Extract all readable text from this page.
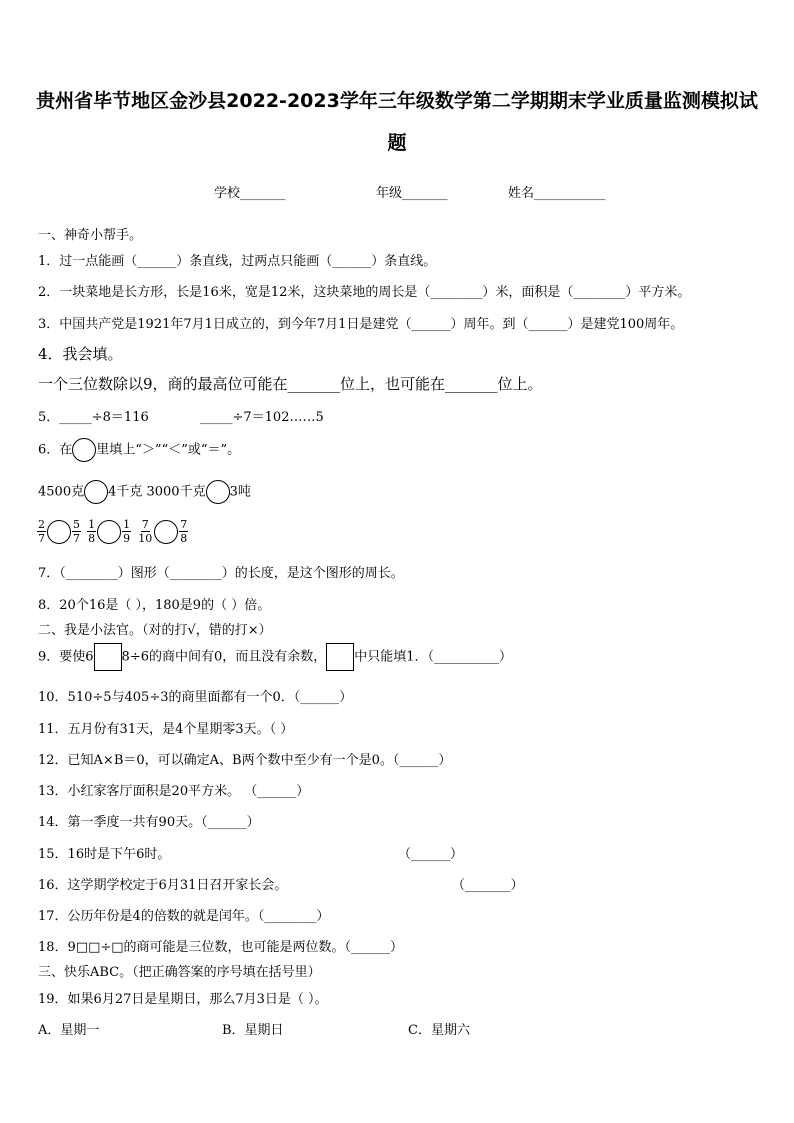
贵州省毕节地区金沙县2022-2023学年三年级数学第二学期期末学业质量监测模拟试
题
学校_______	年级_______	姓名___________
一、神奇小帮手。
1．过一点能画（______）条直线，过两点只能画（______）条直线。
2．一块菜地是长方形，长是16米，宽是12米，这块菜地的周长是（________）米，面积是（________）平方米。
3．中国共产党是1921年7月1日成立的，到今年7月1日是建党（______）周年。到（______）是建党100周年。
4．我会填。
一个三位数除以9，商的最高位可能在_______位上，也可能在_______位上。
5．_____÷8＝116	_____÷7＝102……5
6．在 里填上“＞”“＜”或“＝”。
4500克 4千克 3000千克 3吨
$\frac{2}{7} \frac{5}{7}$
$\frac{1}{8} \frac{1}{9}$
$\frac{7}{10} \frac{7}{8}$
7．（________）图形（________）的长度，是这个图形的周长。
8．20个16是（ ），180是9的（ ）倍。
二、我是小法官。（对的打√，错的打×）
9．要使6 8÷6的商中间有0，而且没有余数， 中只能填1．（__________）
10．510÷5与405÷3的商里面都有一个0．（______）
11．五月份有31天，是4个星期零3天。（ ）
12．已知A×B＝0，可以确定A、B两个数中至少有一个是0。（______）
13．小红家客厅面积是20平方米。 （______）
14．第一季度一共有90天。（______）
15．16时是下午6时。	（______）
16．这学期学校定于6月31日召开家长会。	（_______）
17．公历年份是4的倍数的就是闰年。（________）
18．9□□÷□的商可能是三位数，也可能是两位数。（______）
三、快乐ABC。（把正确答案的序号填在括号里）
19．如果6月27日是星期日，那么7月3日是（ ）。
A．星期一	B．星期日	C．星期六
